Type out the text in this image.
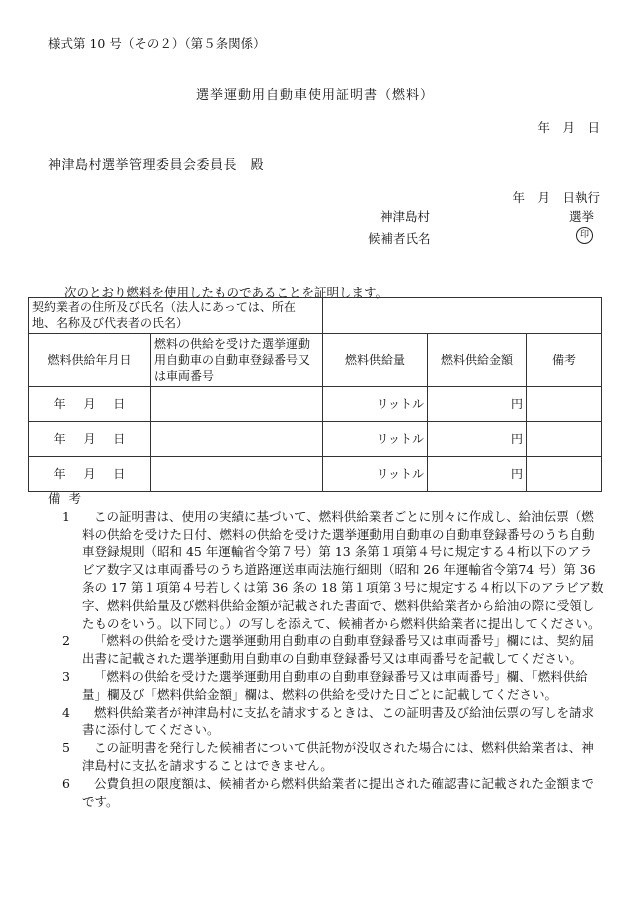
様式第 10 号（その２）（第５条関係）
選挙運動用自動車使用証明書（燃料）
年　月　日
神津島村選挙管理委員会委員長　殿
年　月　日執行
神津島村	選挙
候補者氏名	印
次のとおり燃料を使用したものであることを証明します。
契約業者の住所及び氏名（法人にあっては、所在地、名称及び代表者の氏名）				
燃料供給年月日	燃料の供給を受けた選挙運動用自動車の自動車登録番号又は車両番号	燃料供給量	燃料供給金額	備考
年 月 日		リットル	円	
年 月 日		リットル	円	
年 月 日		リットル	円	
備考

1	この証明書は、使用の実績に基づいて、燃料供給業者ごとに別々に作成し、給油伝票（燃料の供給を受けた日付、燃料の供給を受けた選挙運動用自動車の自動車登録番号のうち自動車登録規則（昭和 45 年運輸省令第７号）第 13 条第１項第４号に規定する４桁以下のアラビア数字又は車両番号のうち道路運送車両法施行細則（昭和 26 年運輸省令第74 号）第 36 条の 17 第１項第４号若しくは第 36 条の 18 第１項第３号に規定する４桁以下のアラビア数字、燃料供給量及び燃料供給金額が記載された書面で、燃料供給業者から給油の際に受領したものをいう。以下同じ。）の写しを添えて、候補者から燃料供給業者に提出してください。

2	「燃料の供給を受けた選挙運動用自動車の自動車登録番号又は車両番号」欄には、契約届出書に記載された選挙運動用自動車の自動車登録番号又は車両番号を記載してください。

3	「燃料の供給を受けた選挙運動用自動車の自動車登録番号又は車両番号」欄、「燃料供給量」欄及び「燃料供給金額」欄は、燃料の供給を受けた日ごとに記載してください。

4	燃料供給業者が神津島村に支払を請求するときは、この証明書及び給油伝票の写しを請求書に添付してください。

5	この証明書を発行した候補者について供託物が没収された場合には、燃料供給業者は、神津島村に支払を請求することはできません。

6	公費負担の限度額は、候補者から燃料供給業者に提出された確認書に記載された金額までです。
